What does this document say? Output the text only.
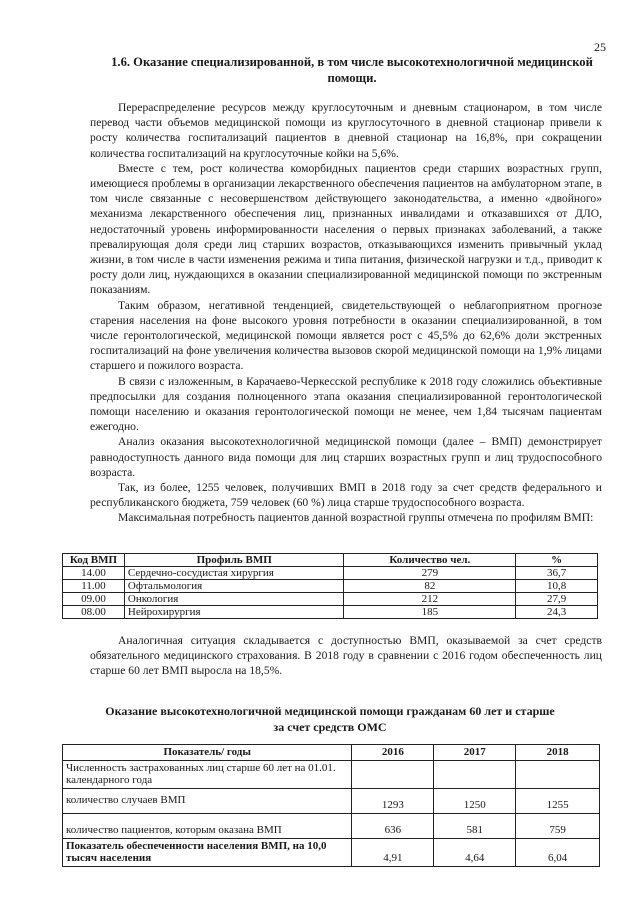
25
1.6. Оказание специализированной, в том числе высокотехнологичной медицинской помощи.

Перераспределение ресурсов между круглосуточным и дневным стационаром, в том числе перевод части объемов медицинской помощи из круглосуточного в дневной стационар привели к росту количества госпитализаций пациентов в дневной стационар на 16,8%, при сокращении количества госпитализаций на круглосуточные койки на 5,6%.

Вместе с тем, рост количества коморбидных пациентов среди старших возрастных групп, имеющиеся проблемы в организации лекарственного обеспечения пациентов на амбулаторном этапе, в том числе связанные с несовершенством действующего законодательства, а именно «двойного» механизма лекарственного обеспечения лиц, признанных инвалидами и отказавшихся от ДЛО, недостаточный уровень информированности населения о первых признаках заболеваний, а также превалирующая доля среди лиц старших возрастов, отказывающихся изменить привычный уклад жизни, в том числе в части изменения режима и типа питания, физической нагрузки и т.д., приводит к росту доли лиц, нуждающихся в оказании специализированной медицинской помощи по экстренным показаниям.

Таким образом, негативной тенденцией, свидетельствующей о неблагоприятном прогнозе старения населения на фоне высокого уровня потребности в оказании специализированной, в том числе геронтологической, медицинской помощи является рост с 45,5% до 62,6% доли экстренных госпитализаций на фоне увеличения количества вызовов скорой медицинской помощи на 1,9% лицами старшего и пожилого возраста.

В связи с изложенным, в Карачаево-Черкесской республике к 2018 году сложились объективные предпосылки для создания полноценного этапа оказания специализированной геронтологической помощи населению и оказания геронтологической помощи не менее, чем 1,84 тысячам пациентам ежегодно.

Анализ оказания высокотехнологичной медицинской помощи (далее – ВМП) демонстрирует равнодоступность данного вида помощи для лиц старших возрастных групп и лиц трудоспособного возраста.

Так, из более, 1255 человек, получивших ВМП в 2018 году за счет средств федерального и республиканского бюджета, 759 человек (60 %) лица старше трудоспособного возраста.

Максимальная потребность пациентов данной возрастной группы отмечена по профилям ВМП:

Код ВМП	Профиль ВМП	Количество чел.	%
14.00	Сердечно-сосудистая хирургия	279	36,7
11.00	Офтальмология	82	10,8
09.00	Онкология	212	27,9
08.00	Нейрохирургия	185	24,3

Аналогичная ситуация складывается с доступностью ВМП, оказываемой за счет средств обязательного медицинского страхования. В 2018 году в сравнении с 2016 годом обеспеченность лиц старше 60 лет ВМП выросла на 18,5%.

Оказание высокотехнологичной медицинской помощи гражданам 60 лет и старше за счет средств ОМС
Показатель/ годы	2016	2017	2018
Численность застрахованных лиц старше 60 лет на 01.01. календарного года			
количество случаев ВМП	1293	1250	1255
количество пациентов, которым оказана ВМП	636	581	759
Показатель обеспеченности населения ВМП, на 10,0 тысяч населения	4,91	4,64	6,04
